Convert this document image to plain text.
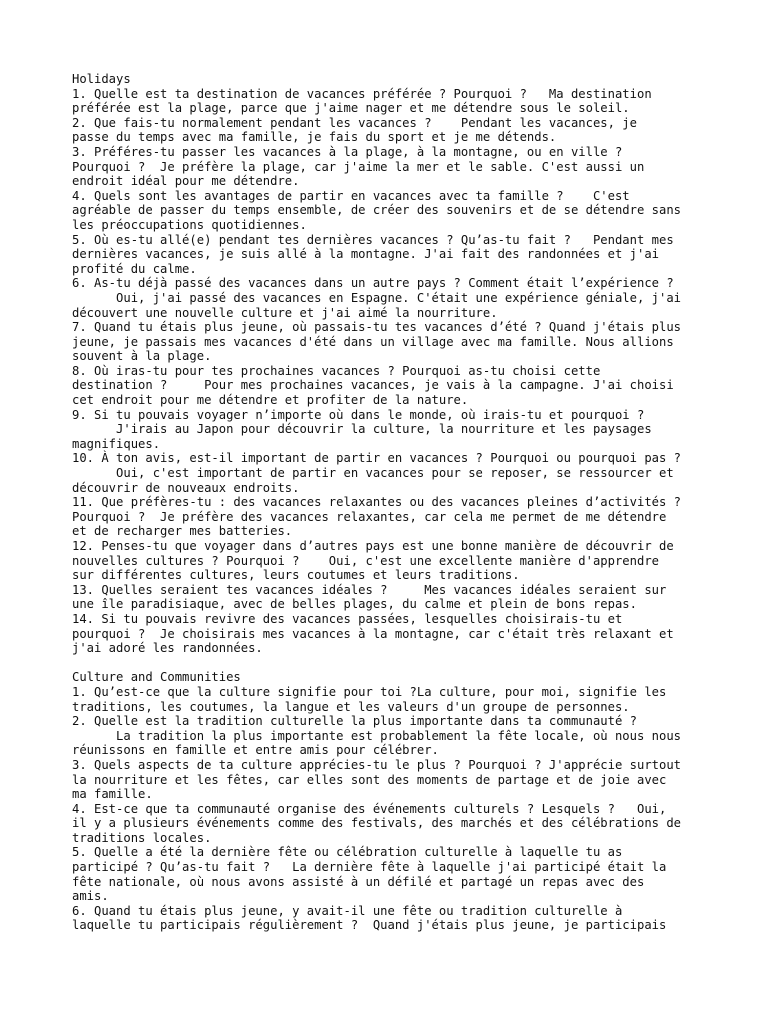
Holidays
1. Quelle est ta destination de vacances préférée ? Pourquoi ?   Ma destination
préférée est la plage, parce que j'aime nager et me détendre sous le soleil.
2. Que fais-tu normalement pendant les vacances ?    Pendant les vacances, je
passe du temps avec ma famille, je fais du sport et je me détends.
3. Préféres-tu passer les vacances à la plage, à la montagne, ou en ville ?
Pourquoi ?  Je préfère la plage, car j'aime la mer et le sable. C'est aussi un
endroit idéal pour me détendre.
4. Quels sont les avantages de partir en vacances avec ta famille ?    C'est
agréable de passer du temps ensemble, de créer des souvenirs et de se détendre sans
les préoccupations quotidiennes.
5. Où es-tu allé(e) pendant tes dernières vacances ? Qu’as-tu fait ?   Pendant mes
dernières vacances, je suis allé à la montagne. J'ai fait des randonnées et j'ai
profité du calme.
6. As-tu déjà passé des vacances dans un autre pays ? Comment était l’expérience ?
Oui, j'ai passé des vacances en Espagne. C'était une expérience géniale, j'ai
découvert une nouvelle culture et j'ai aimé la nourriture.
7. Quand tu étais plus jeune, où passais-tu tes vacances d’été ? Quand j'étais plus
jeune, je passais mes vacances d'été dans un village avec ma famille. Nous allions
souvent à la plage.
8. Où iras-tu pour tes prochaines vacances ? Pourquoi as-tu choisi cette
destination ?     Pour mes prochaines vacances, je vais à la campagne. J'ai choisi
cet endroit pour me détendre et profiter de la nature.
9. Si tu pouvais voyager n’importe où dans le monde, où irais-tu et pourquoi ?
J'irais au Japon pour découvrir la culture, la nourriture et les paysages
magnifiques.
10. À ton avis, est-il important de partir en vacances ? Pourquoi ou pourquoi pas ?
Oui, c'est important de partir en vacances pour se reposer, se ressourcer et
découvrir de nouveaux endroits.
11. Que préfères-tu : des vacances relaxantes ou des vacances pleines d’activités ?
Pourquoi ?  Je préfère des vacances relaxantes, car cela me permet de me détendre
et de recharger mes batteries.
12. Penses-tu que voyager dans d’autres pays est une bonne manière de découvrir de
nouvelles cultures ? Pourquoi ?    Oui, c'est une excellente manière d'apprendre
sur différentes cultures, leurs coutumes et leurs traditions.
13. Quelles seraient tes vacances idéales ?     Mes vacances idéales seraient sur
une île paradisiaque, avec de belles plages, du calme et plein de bons repas.
14. Si tu pouvais revivre des vacances passées, lesquelles choisirais-tu et
pourquoi ?  Je choisirais mes vacances à la montagne, car c'était très relaxant et
j'ai adoré les randonnées.

Culture and Communities
1. Qu’est-ce que la culture signifie pour toi ?La culture, pour moi, signifie les
traditions, les coutumes, la langue et les valeurs d'un groupe de personnes.
2. Quelle est la tradition culturelle la plus importante dans ta communauté ?
La tradition la plus importante est probablement la fête locale, où nous nous
réunissons en famille et entre amis pour célébrer.
3. Quels aspects de ta culture apprécies-tu le plus ? Pourquoi ? J'apprécie surtout
la nourriture et les fêtes, car elles sont des moments de partage et de joie avec
ma famille.
4. Est-ce que ta communauté organise des événements culturels ? Lesquels ?   Oui,
il y a plusieurs événements comme des festivals, des marchés et des célébrations de
traditions locales.
5. Quelle a été la dernière fête ou célébration culturelle à laquelle tu as
participé ? Qu’as-tu fait ?   La dernière fête à laquelle j'ai participé était la
fête nationale, où nous avons assisté à un défilé et partagé un repas avec des
amis.
6. Quand tu étais plus jeune, y avait-il une fête ou tradition culturelle à
laquelle tu participais régulièrement ?  Quand j'étais plus jeune, je participais
